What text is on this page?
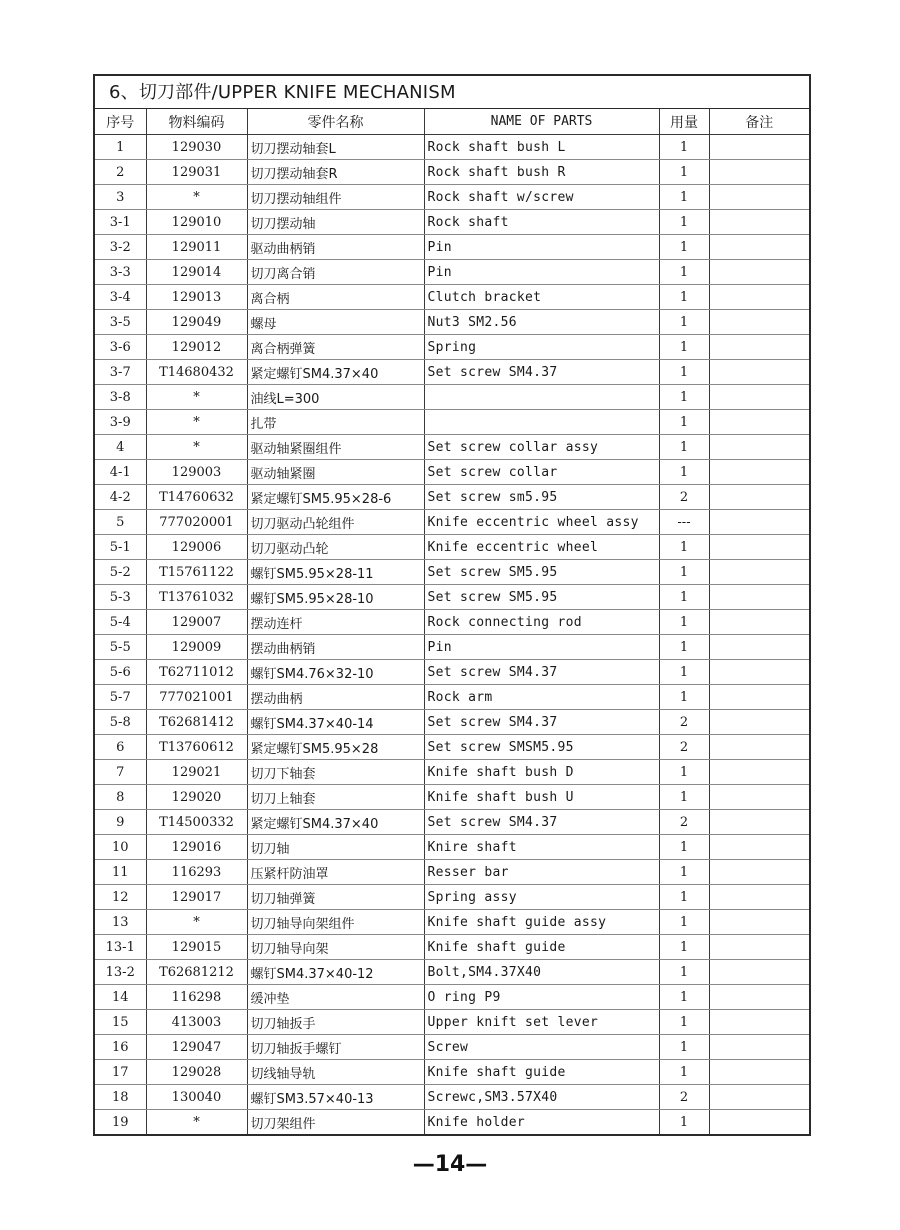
6、切刀部件/UPPER KNIFE MECHANISM
序号	物料编码	零件名称	NAME OF PARTS	用量	备注
1	129030	切刀摆动轴套L	Rock shaft bush L	1	
2	129031	切刀摆动轴套R	Rock shaft bush R	1	
3	*	切刀摆动轴组件	Rock shaft w/screw	1	
3-1	129010	切刀摆动轴	Rock shaft	1	
3-2	129011	驱动曲柄销	Pin	1	
3-3	129014	切刀离合销	Pin	1	
3-4	129013	离合柄	Clutch bracket	1	
3-5	129049	螺母	Nut3 SM2.56	1	
3-6	129012	离合柄弹簧	Spring	1	
3-7	T14680432	紧定螺钉SM4.37×40	Set screw SM4.37	1	
3-8	*	油线L=300		1	
3-9	*	扎带		1	
4	*	驱动轴紧圈组件	Set screw collar assy	1	
4-1	129003	驱动轴紧圈	Set screw collar	1	
4-2	T14760632	紧定螺钉SM5.95×28-6	Set screw sm5.95	2	
5	777020001	切刀驱动凸轮组件	Knife eccentric wheel assy	---	
5-1	129006	切刀驱动凸轮	Knife eccentric wheel	1	
5-2	T15761122	螺钉SM5.95×28-11	Set screw SM5.95	1	
5-3	T13761032	螺钉SM5.95×28-10	Set screw SM5.95	1	
5-4	129007	摆动连杆	Rock connecting rod	1	
5-5	129009	摆动曲柄销	Pin	1	
5-6	T62711012	螺钉SM4.76×32-10	Set screw SM4.37	1	
5-7	777021001	摆动曲柄	Rock arm	1	
5-8	T62681412	螺钉SM4.37×40-14	Set screw SM4.37	2	
6	T13760612	紧定螺钉SM5.95×28	Set screw SMSM5.95	2	
7	129021	切刀下轴套	Knife shaft bush D	1	
8	129020	切刀上轴套	Knife shaft bush U	1	
9	T14500332	紧定螺钉SM4.37×40	Set screw SM4.37	2	
10	129016	切刀轴	Knire shaft	1	
11	116293	压紧杆防油罩	Resser bar	1	
12	129017	切刀轴弹簧	Spring assy	1	
13	*	切刀轴导向架组件	Knife shaft guide assy	1	
13-1	129015	切刀轴导向架	Knife shaft guide	1	
13-2	T62681212	螺钉SM4.37×40-12	Bolt,SM4.37X40	1	
14	116298	缓冲垫	O ring P9	1	
15	413003	切刀轴扳手	Upper knift set lever	1	
16	129047	切刀轴扳手螺钉	Screw	1	
17	129028	切线轴导轨	Knife shaft guide	1	
18	130040	螺钉SM3.57×40-13	Screwc,SM3.57X40	2	
19	*	切刀架组件	Knife holder	1	
—14—
